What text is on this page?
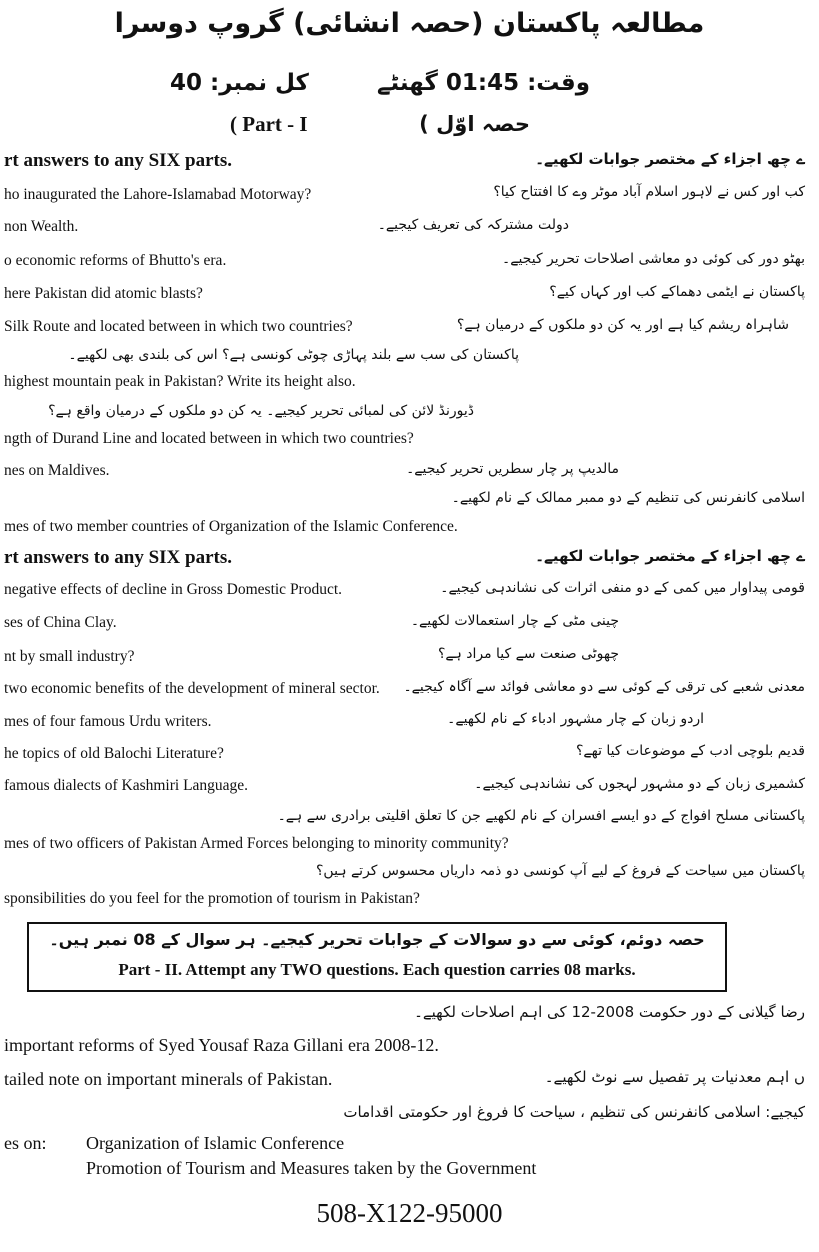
مطالعہ پاکستان (حصہ انشائی) گروپ دوسرا
وقت: 01:45 گھنٹے
کل نمبر: 40
( Part - I	حصہ اوّل )
rt answers to any SIX parts.	ے چھ اجزاء کے مختصر جوابات لکھیے۔
کب اور کس نے لاہور اسلام آباد موٹر وے کا افتتاح کیا؟
ho inaugurated the Lahore-Islamabad Motorway?
دولت مشترکہ کی تعریف کیجیے۔
non Wealth.
بھٹو دور کی کوئی دو معاشی اصلاحات تحریر کیجیے۔
o economic reforms of Bhutto's era.
پاکستان نے ایٹمی دھماکے کب اور کہاں کیے؟
here Pakistan did atomic blasts?
شاہراہ ریشم کیا ہے اور یہ کن دو ملکوں کے درمیان ہے؟
Silk Route and located between in which two countries?
پاکستان کی سب سے بلند پہاڑی چوٹی کونسی ہے؟ اس کی بلندی بھی لکھیے۔
highest mountain peak in Pakistan? Write its height also.
ڈیورنڈ لائن کی لمبائی تحریر کیجیے۔ یہ کن دو ملکوں کے درمیان واقع ہے؟
ngth of Durand Line and located between in which two countries?
مالدیپ پر چار سطریں تحریر کیجیے۔
nes on Maldives.
اسلامی کانفرنس کی تنظیم کے دو ممبر ممالک کے نام لکھیے۔
mes of two member countries of Organization of the Islamic Conference.
rt answers to any SIX parts.	ے چھ اجزاء کے مختصر جوابات لکھیے۔
قومی پیداوار میں کمی کے دو منفی اثرات کی نشاندہی کیجیے۔
negative effects of decline in Gross Domestic Product.
چینی مٹی کے چار استعمالات لکھیے۔
ses of China Clay.
چھوٹی صنعت سے کیا مراد ہے؟
nt by small industry?
معدنی شعبے کی ترقی کے کوئی سے دو معاشی فوائد سے آگاہ کیجیے۔
two economic benefits of the development of mineral sector.
اردو زبان کے چار مشہور ادباء کے نام لکھیے۔
mes of four famous Urdu writers.
قدیم بلوچی ادب کے موضوعات کیا تھے؟
he topics of old Balochi Literature?
کشمیری زبان کے دو مشہور لہجوں کی نشاندہی کیجیے۔
famous dialects of Kashmiri Language.
پاکستانی مسلح افواج کے دو ایسے افسران کے نام لکھیے جن کا تعلق اقلیتی برادری سے ہے۔
mes of two officers of Pakistan Armed Forces belonging to minority community?
پاکستان میں سیاحت کے فروغ کے لیے آپ کونسی دو ذمہ داریاں محسوس کرتے ہیں؟
sponsibilities do you feel for the promotion of tourism in Pakistan?
حصہ دوئم، کوئی سے دو سوالات کے جوابات تحریر کیجیے۔ ہر سوال کے 08 نمبر ہیں۔
Part - II. Attempt any TWO questions. Each question carries 08 marks.
رضا گیلانی کے دور حکومت 2008-12 کی اہم اصلاحات لکھیے۔
important reforms of Syed Yousaf Raza Gillani era 2008-12.
ں اہم معدنیات پر تفصیل سے نوٹ لکھیے۔
tailed note on important minerals of Pakistan.
کیجیے: اسلامی کانفرنس کی تنظیم ، سیاحت کا فروغ اور حکومتی اقدامات
es on: Organization of Islamic Conference
Promotion of Tourism and Measures taken by the Government
508-X122-95000
